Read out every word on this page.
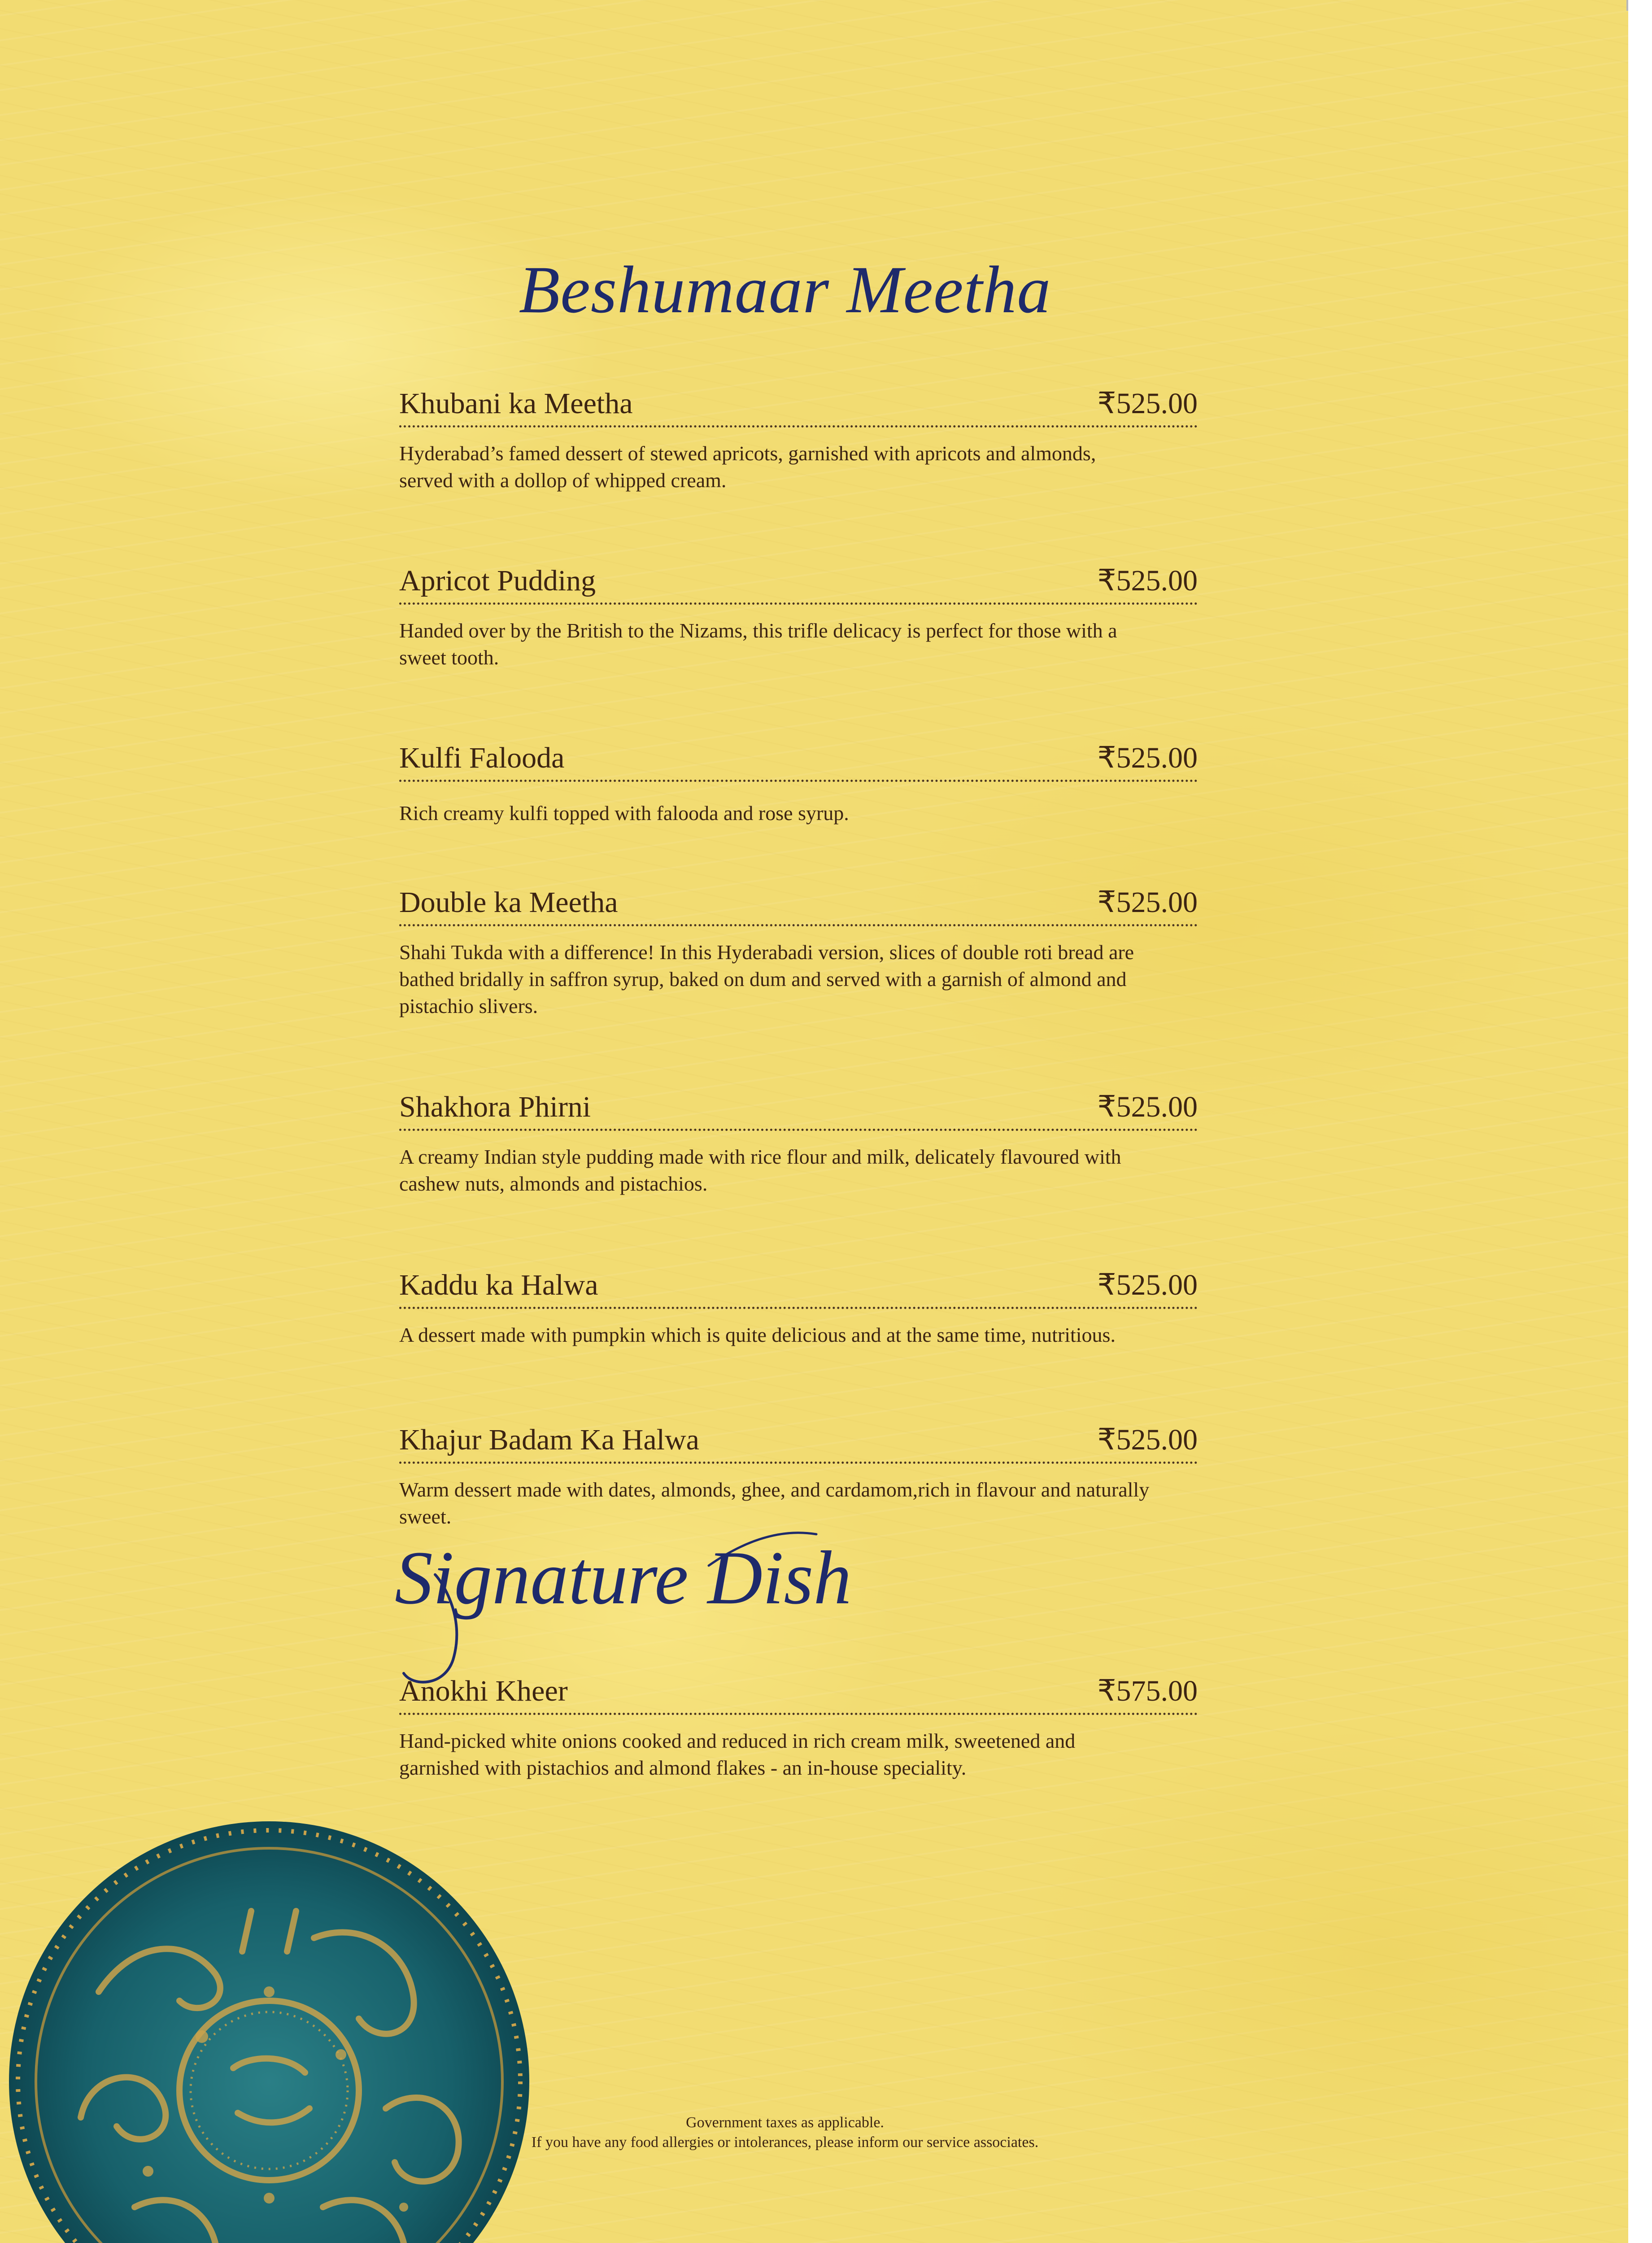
Beshumaar Meetha
Khubani ka Meetha	₹525.00
Hyderabad’s famed dessert of stewed apricots, garnished with apricots and almonds, served with a dollop of whipped cream.
Apricot Pudding	₹525.00
Handed over by the British to the Nizams, this trifle delicacy is perfect for those with a sweet tooth.
Kulfi Falooda	₹525.00
Rich creamy kulfi topped with falooda and rose syrup.
Double ka Meetha	₹525.00
Shahi Tukda with a difference! In this Hyderabadi version, slices of double roti bread are bathed bridally in saffron syrup, baked on dum and served with a garnish of almond and pistachio slivers.
Shakhora Phirni	₹525.00
A creamy Indian style pudding made with rice flour and milk, delicately flavoured with cashew nuts, almonds and pistachios.
Kaddu ka Halwa	₹525.00
A dessert made with pumpkin which is quite delicious and at the same time, nutritious.
Khajur Badam Ka Halwa	₹525.00
Warm dessert made with dates, almonds, ghee, and cardamom,rich in flavour and naturally sweet.
Anokhi Kheer	₹575.00
Hand-picked white onions cooked and reduced in rich cream milk, sweetened and garnished with pistachios and almond flakes - an in-house speciality.
Signature Dish
Government taxes as applicable.
If you have any food allergies or intolerances, please inform our service associates.
